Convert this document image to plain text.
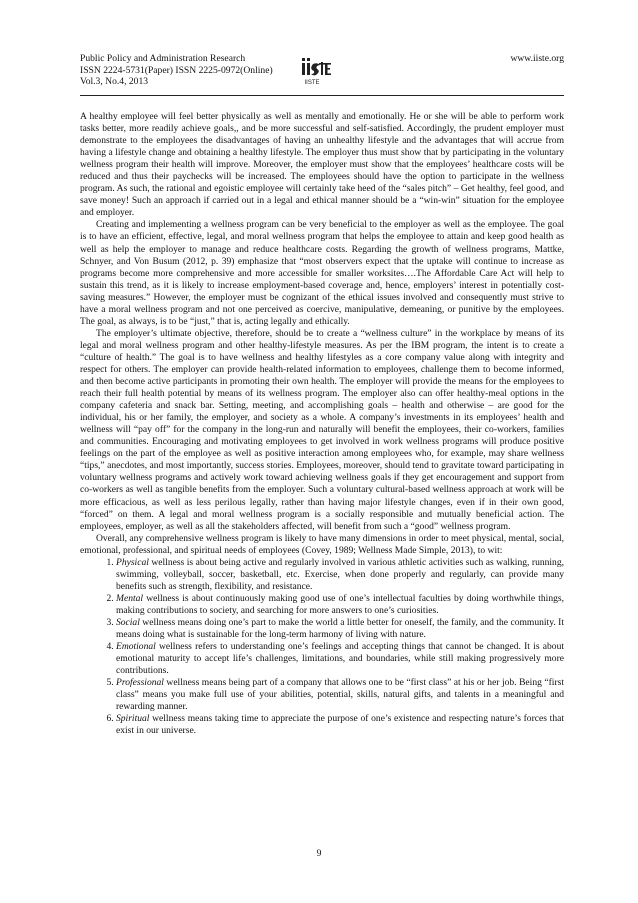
Public Policy and Administration Research
ISSN 2224-5731(Paper) ISSN 2225-0972(Online)
Vol.3, No.4, 2013
www.iiste.org
IISTE

A healthy employee will feel better physically as well as mentally and emotionally. He or she will be able to perform work tasks better, more readily achieve goals,, and be more successful and self-satisfied. Accordingly, the prudent employer must demonstrate to the employees the disadvantages of having an unhealthy lifestyle and the advantages that will accrue from having a lifestyle change and obtaining a healthy lifestyle. The employer thus must show that by participating in the voluntary wellness program their health will improve. Moreover, the employer must show that the employees’ healthcare costs will be reduced and thus their paychecks will be increased. The employees should have the option to participate in the wellness program. As such, the rational and egoistic employee will certainly take heed of the “sales pitch” – Get healthy, feel good, and save money! Such an approach if carried out in a legal and ethical manner should be a “win-win” situation for the employee and employer.

Creating and implementing a wellness program can be very beneficial to the employer as well as the employee. The goal is to have an efficient, effective, legal, and moral wellness program that helps the employee to attain and keep good health as well as help the employer to manage and reduce healthcare costs. Regarding the growth of wellness programs, Mattke, Schnyer, and Von Busum (2012, p. 39) emphasize that “most observers expect that the uptake will continue to increase as programs become more comprehensive and more accessible for smaller worksites….The Affordable Care Act will help to sustain this trend, as it is likely to increase employment-based coverage and, hence, employers’ interest in potentially cost-saving measures.” However, the employer must be cognizant of the ethical issues involved and consequently must strive to have a moral wellness program and not one perceived as coercive, manipulative, demeaning, or punitive by the employees. The goal, as always, is to be “just,” that is, acting legally and ethically.

The employer’s ultimate objective, therefore, should be to create a “wellness culture” in the workplace by means of its legal and moral wellness program and other healthy-lifestyle measures. As per the IBM program, the intent is to create a “culture of health.” The goal is to have wellness and healthy lifestyles as a core company value along with integrity and respect for others. The employer can provide health-related information to employees, challenge them to become informed, and then become active participants in promoting their own health. The employer will provide the means for the employees to reach their full health potential by means of its wellness program. The employer also can offer healthy-meal options in the company cafeteria and snack bar. Setting, meeting, and accomplishing goals – health and otherwise – are good for the individual, his or her family, the employer, and society as a whole. A company’s investments in its employees’ health and wellness will “pay off” for the company in the long-run and naturally will benefit the employees, their co-workers, families and communities. Encouraging and motivating employees to get involved in work wellness programs will produce positive feelings on the part of the employee as well as positive interaction among employees who, for example, may share wellness “tips,” anecdotes, and most importantly, success stories. Employees, moreover, should tend to gravitate toward participating in voluntary wellness programs and actively work toward achieving wellness goals if they get encouragement and support from co-workers as well as tangible benefits from the employer. Such a voluntary cultural-based wellness approach at work will be more efficacious, as well as less perilous legally, rather than having major lifestyle changes, even if in their own good, “forced” on them. A legal and moral wellness program is a socially responsible and mutually beneficial action. The employees, employer, as well as all the stakeholders affected, will benefit from such a “good” wellness program.

Overall, any comprehensive wellness program is likely to have many dimensions in order to meet physical, mental, social, emotional, professional, and spiritual needs of employees (Covey, 1989; Wellness Made Simple, 2013), to wit:

1. Physical wellness is about being active and regularly involved in various athletic activities such as walking, running, swimming, volleyball, soccer, basketball, etc. Exercise, when done properly and regularly, can provide many benefits such as strength, flexibility, and resistance.
2. Mental wellness is about continuously making good use of one’s intellectual faculties by doing worthwhile things, making contributions to society, and searching for more answers to one’s curiosities.
3. Social wellness means doing one’s part to make the world a little better for oneself, the family, and the community. It means doing what is sustainable for the long-term harmony of living with nature.
4. Emotional wellness refers to understanding one’s feelings and accepting things that cannot be changed. It is about emotional maturity to accept life’s challenges, limitations, and boundaries, while still making progressively more contributions.
5. Professional wellness means being part of a company that allows one to be “first class” at his or her job. Being “first class” means you make full use of your abilities, potential, skills, natural gifts, and talents in a meaningful and rewarding manner.
6. Spiritual wellness means taking time to appreciate the purpose of one’s existence and respecting nature’s forces that exist in our universe.
9
